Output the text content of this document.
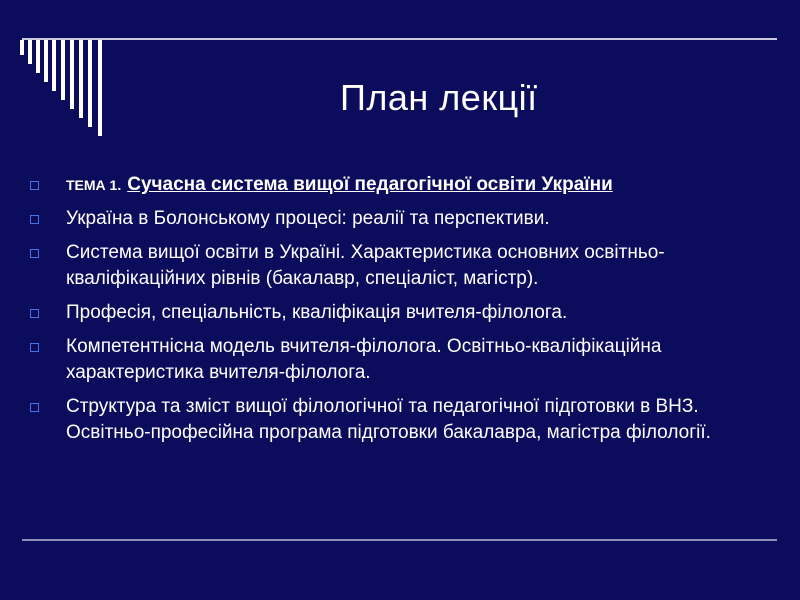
План лекції
ТЕМА 1. Сучасна система вищої педагогічної освіти України
Україна в Болонському процесі: реалії та перспективи.
Система вищої освіти в Україні. Характеристика основних освітньо-кваліфікаційних рівнів (бакалавр, спеціаліст, магістр).
Професія, спеціальність, кваліфікація вчителя-філолога.
Компетентнісна модель вчителя-філолога. Освітньо-кваліфікаційна характеристика вчителя-філолога.
Структура та зміст вищої філологічної та педагогічної підготовки в ВНЗ. Освітньо-професійна програма підготовки бакалавра, магістра філології.
